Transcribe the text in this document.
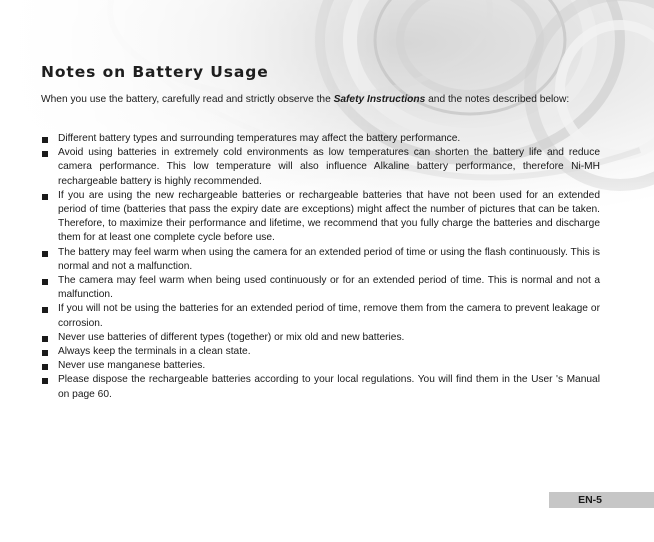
Notes on Battery Usage

When you use the battery, carefully read and strictly observe the Safety Instructions and the notes described below:

Different battery types and surrounding temperatures may affect the battery performance.
Avoid using batteries in extremely cold environments as low temperatures can shorten the battery life and reduce camera performance. This low temperature will also influence Alkaline battery performance, therefore Ni-MH rechargeable battery is highly recommended.
If you are using the new rechargeable batteries or rechargeable batteries that have not been used for an extended period of time (batteries that pass the expiry date are exceptions) might affect the number of pictures that can be taken. Therefore, to maximize their performance and lifetime, we recommend that you fully charge the batteries and discharge them for at least one complete cycle before use.
The battery may feel warm when using the camera for an extended period of time or using the flash continuously. This is normal and not a malfunction.
The camera may feel warm when being used continuously or for an extended period of time. This is normal and not a malfunction.
If you will not be using the batteries for an extended period of time, remove them from the camera to prevent leakage or corrosion.
Never use batteries of different types (together) or mix old and new batteries.
Always keep the terminals in a clean state.
Never use manganese batteries.
Please dispose the rechargeable batteries according to your local regulations. You will find them in the User 's Manual on page 60.
EN-5
